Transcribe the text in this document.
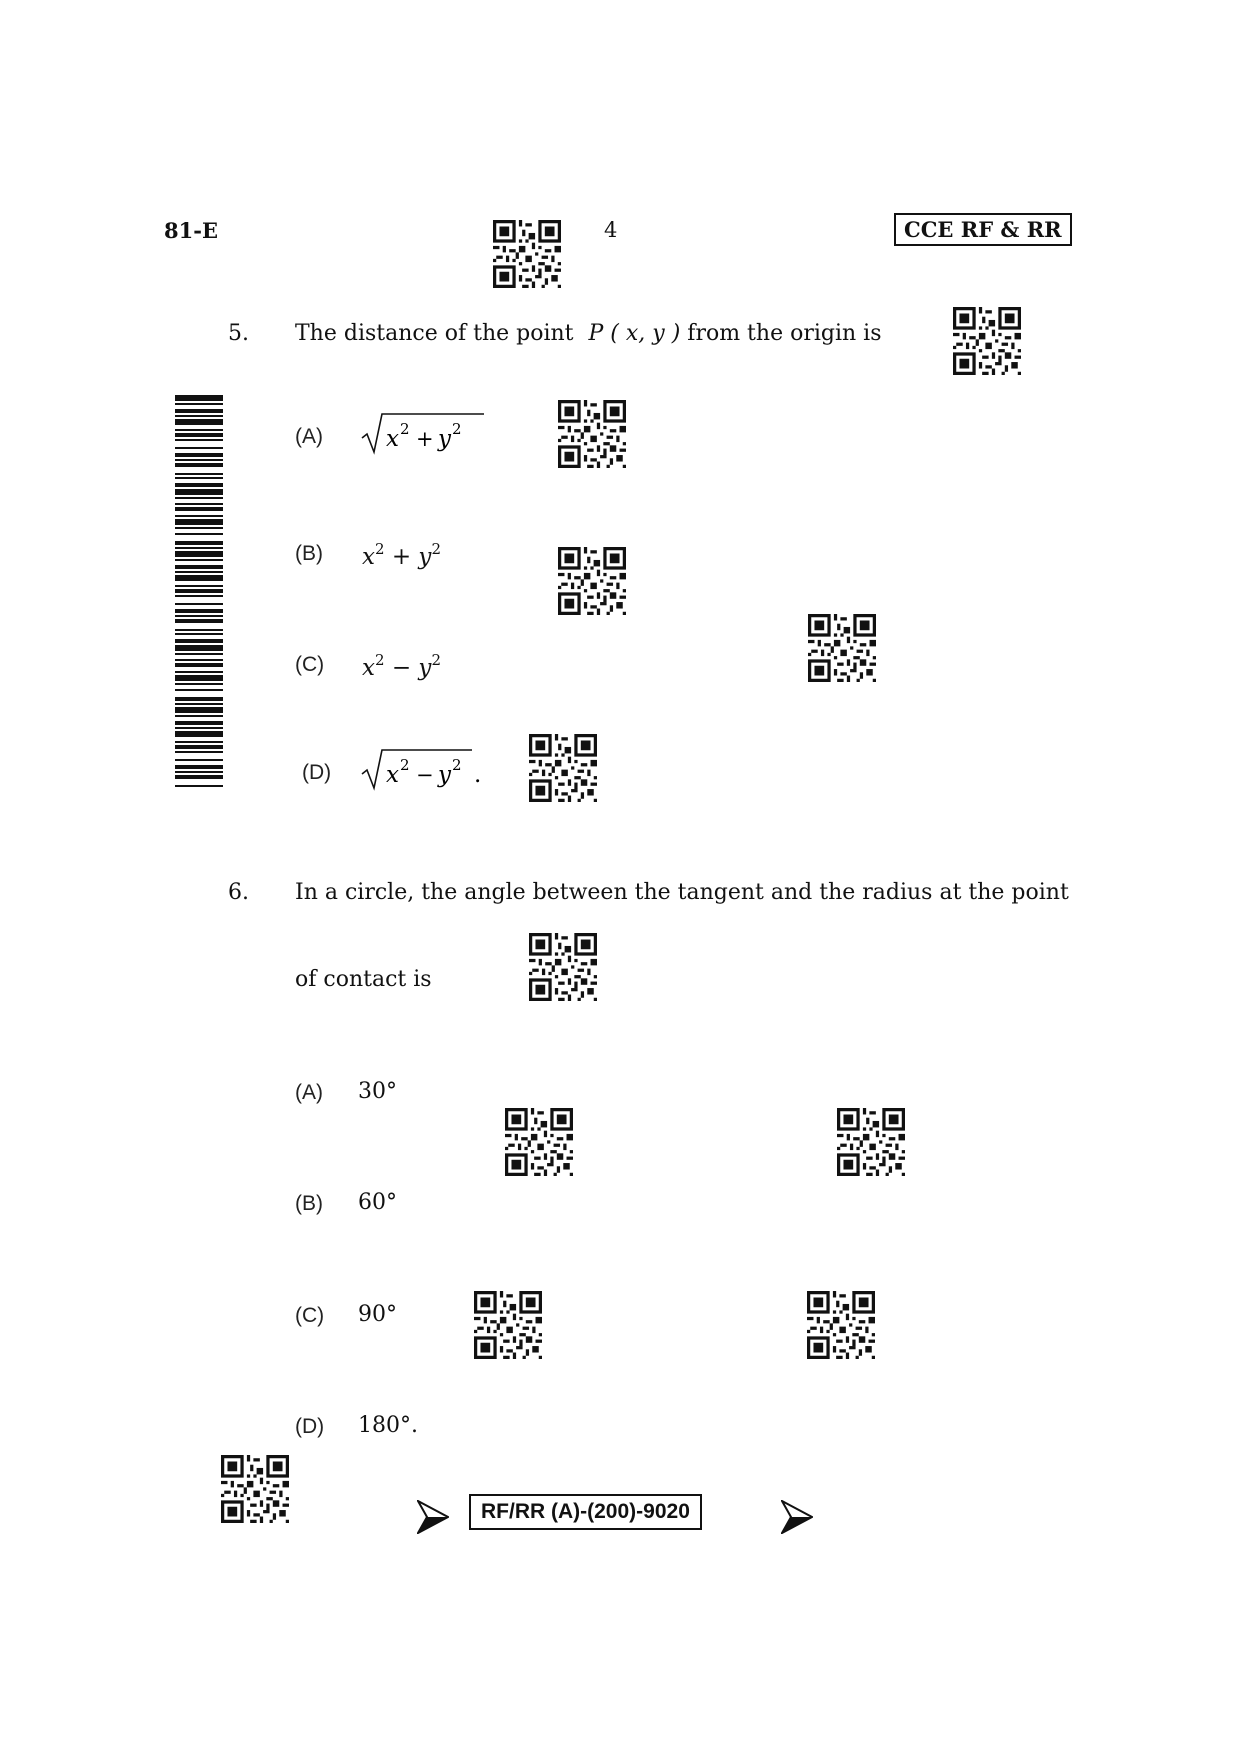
81-E	4	CCE RF & RR
5. The distance of the point P ( x, y ) from the origin is
(A)	x 2 + y 2
(B) $x^2 + y^2$
(C) $x^2 - y^2$
(D) x 2 − y 2 .
6. In a circle, the angle between the tangent and the radius at the point
of contact is
(A) 30°
(B) 60°
(C) 90°
(D) 180°.
RF/RR (A)-(200)-9020
